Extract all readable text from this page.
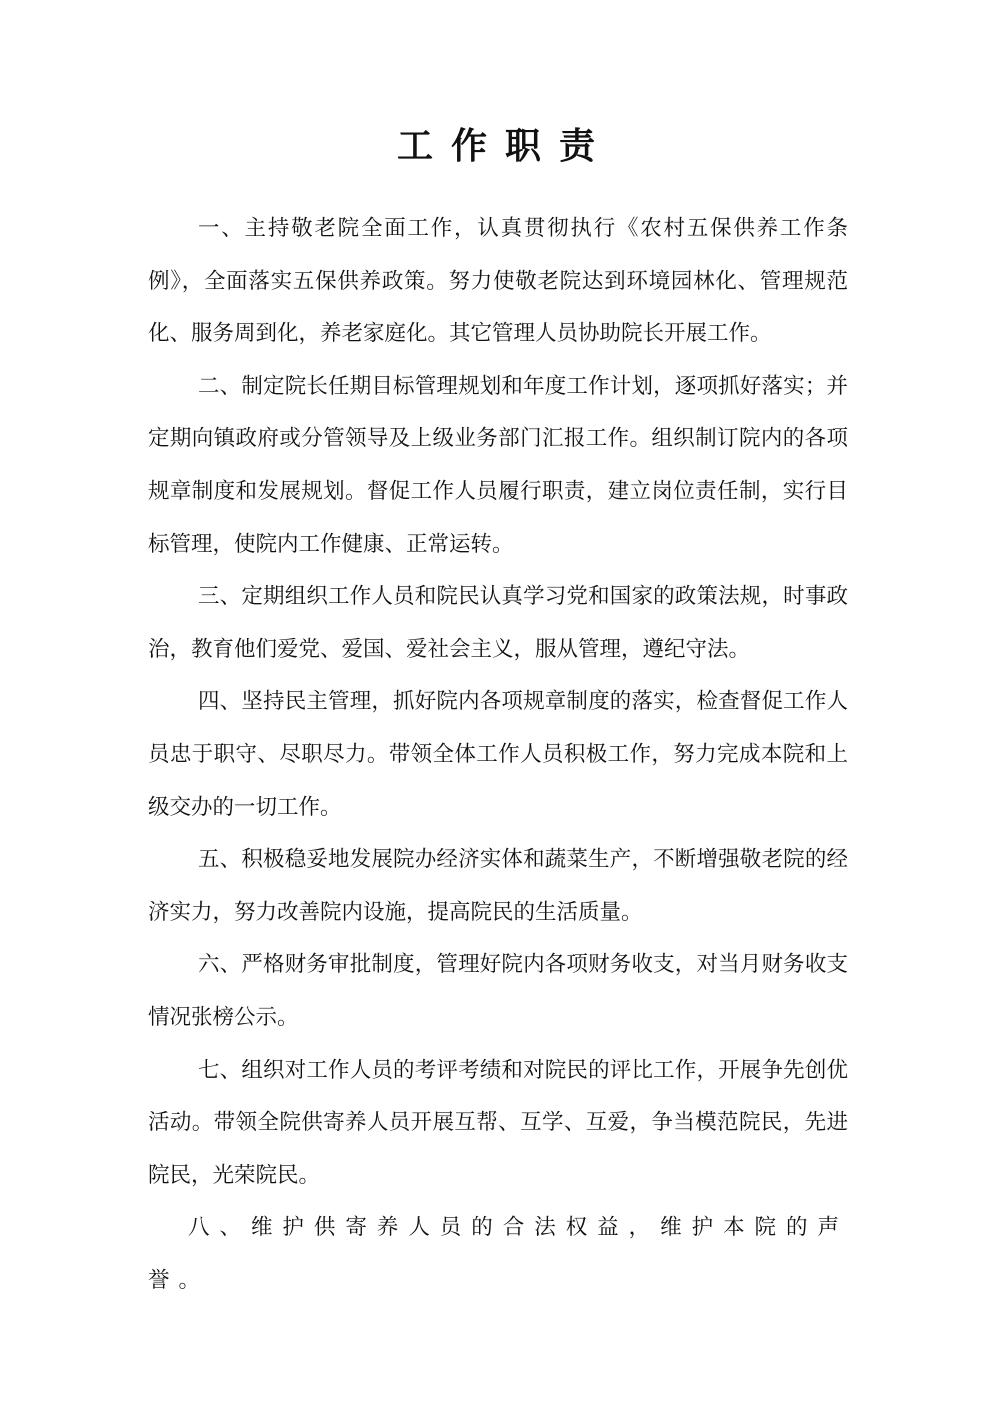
工作职责

一、主持敬老院全面工作，认真贯彻执行《农村五保供养工作条例》，全面落实五保供养政策。努力使敬老院达到环境园林化、管理规范化、服务周到化，养老家庭化。其它管理人员协助院长开展工作。

二、制定院长任期目标管理规划和年度工作计划，逐项抓好落实；并定期向镇政府或分管领导及上级业务部门汇报工作。组织制订院内的各项规章制度和发展规划。督促工作人员履行职责，建立岗位责任制，实行目标管理，使院内工作健康、正常运转。

三、定期组织工作人员和院民认真学习党和国家的政策法规，时事政治，教育他们爱党、爱国、爱社会主义，服从管理，遵纪守法。

四、坚持民主管理，抓好院内各项规章制度的落实，检查督促工作人员忠于职守、尽职尽力。带领全体工作人员积极工作，努力完成本院和上级交办的一切工作。

五、积极稳妥地发展院办经济实体和蔬菜生产，不断增强敬老院的经济实力，努力改善院内设施，提高院民的生活质量。

六、严格财务审批制度，管理好院内各项财务收支，对当月财务收支情况张榜公示。

七、组织对工作人员的考评考绩和对院民的评比工作，开展争先创优活动。带领全院供寄养人员开展互帮、互学、互爱，争当模范院民，先进院民，光荣院民。

八、维护供寄养人员的合法权益，维护本院的声誉。
